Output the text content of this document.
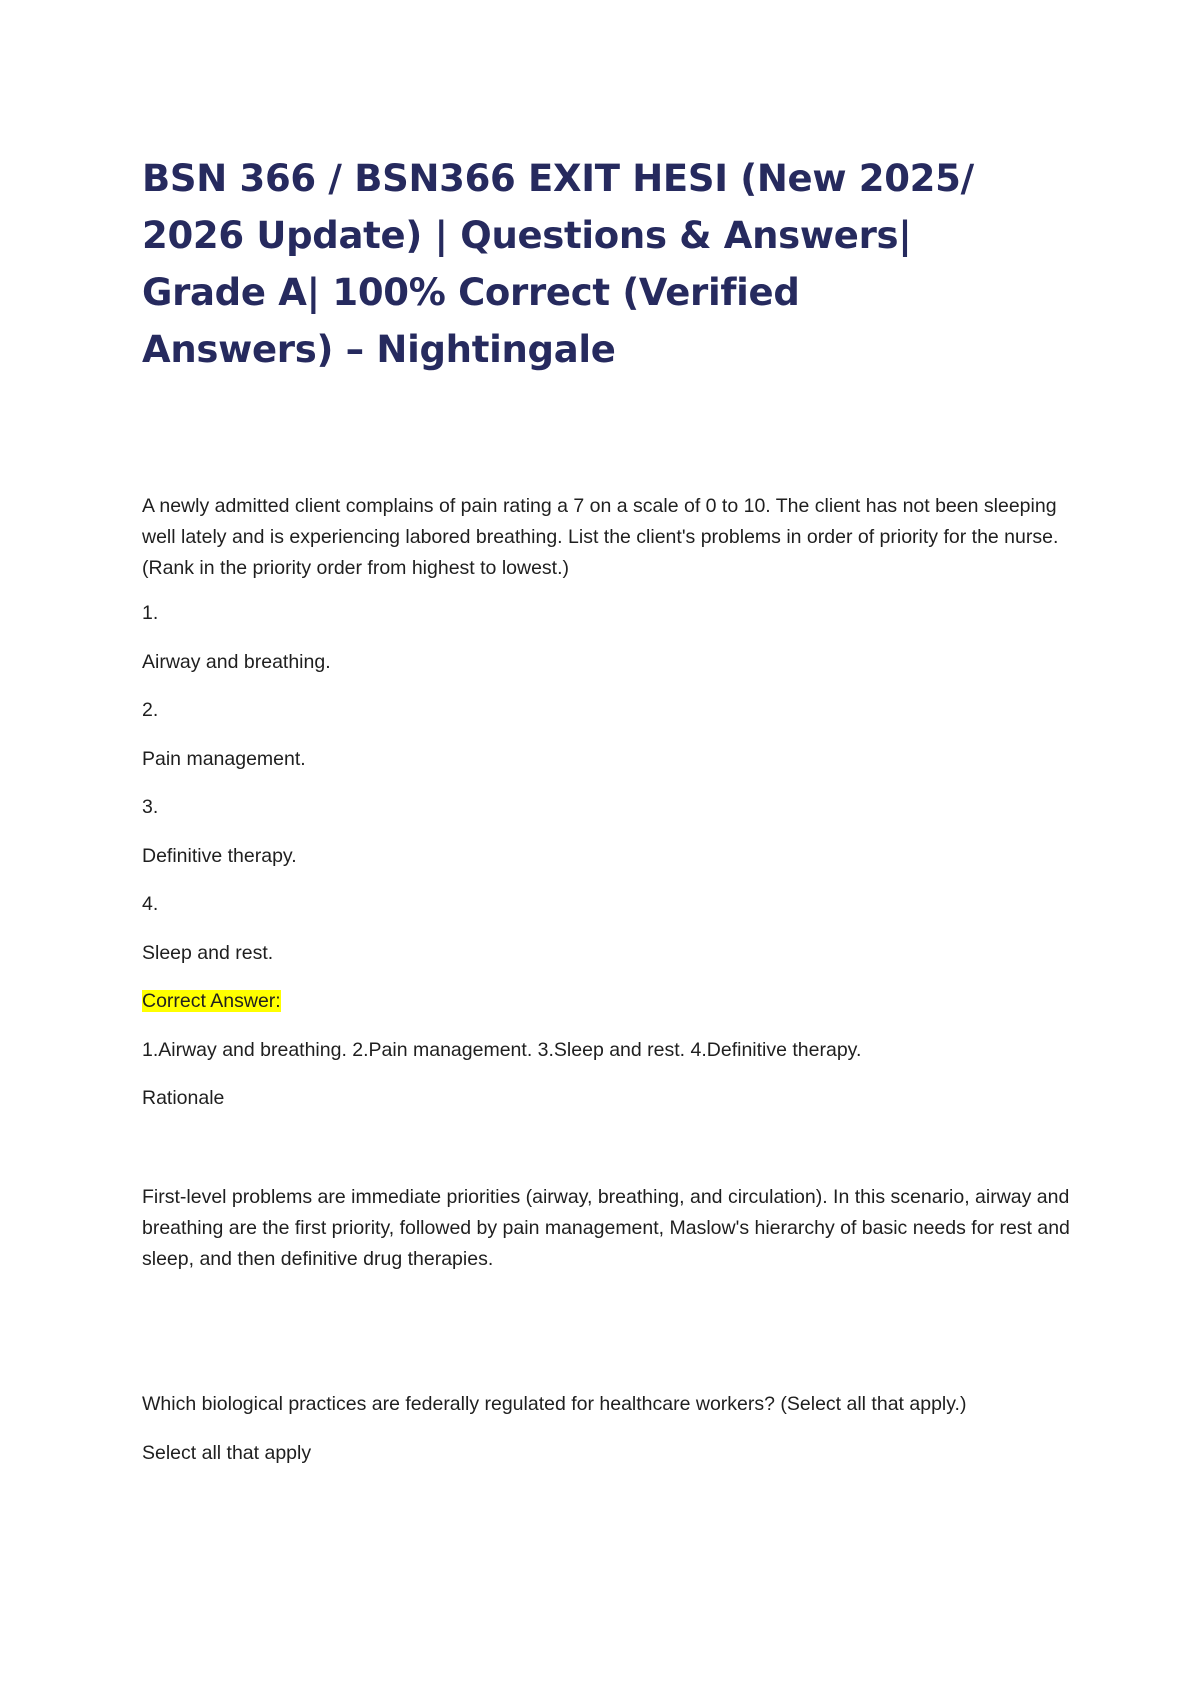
BSN 366 / BSN366 EXIT HESI (New 2025/ 2026 Update) | Questions & Answers| Grade A| 100% Correct (Verified Answers) – Nightingale
A newly admitted client complains of pain rating a 7 on a scale of 0 to 10. The client has not been sleeping well lately and is experiencing labored breathing. List the client's problems in order of priority for the nurse. (Rank in the priority order from highest to lowest.)
1.
Airway and breathing.
2.
Pain management.
3.
Definitive therapy.
4.
Sleep and rest.
Correct Answer:
1.Airway and breathing. 2.Pain management. 3.Sleep and rest. 4.Definitive therapy.
Rationale
First-level problems are immediate priorities (airway, breathing, and circulation). In this scenario, airway and breathing are the first priority, followed by pain management, Maslow's hierarchy of basic needs for rest and sleep, and then definitive drug therapies.
Which biological practices are federally regulated for healthcare workers? (Select all that apply.)
Select all that apply
